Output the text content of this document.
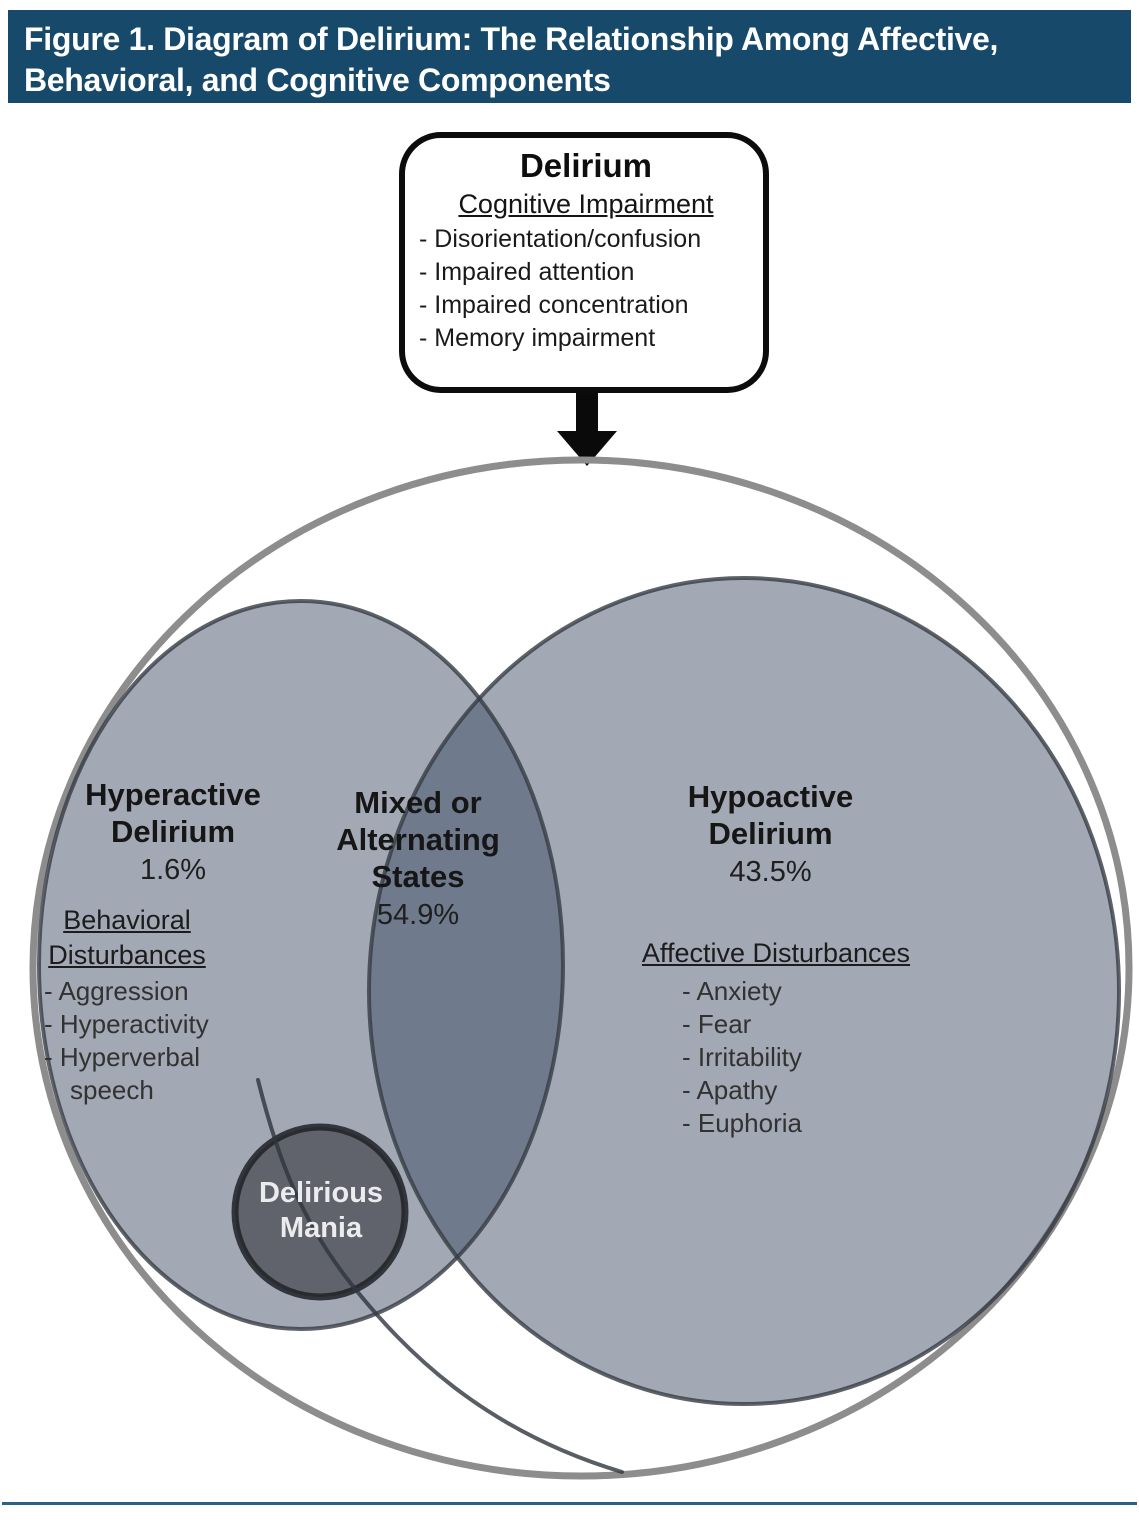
Figure 1. Diagram of Delirium: The Relationship Among Affective,
Behavioral, and Cognitive Components
Delirium
Cognitive Impairment
- Disorientation/confusion
- Impaired attention
- Impaired concentration
- Memory impairment
Hyperactive
Delirium
1.6%
Behavioral
Disturbances
- Aggression
- Hyperactivity
- Hyperverbal
speech
Mixed or
Alternating
States
54.9%
Hypoactive
Delirium
43.5%
Affective Disturbances
- Anxiety
- Fear
- Irritability
- Apathy
- Euphoria
Delirious
Mania
